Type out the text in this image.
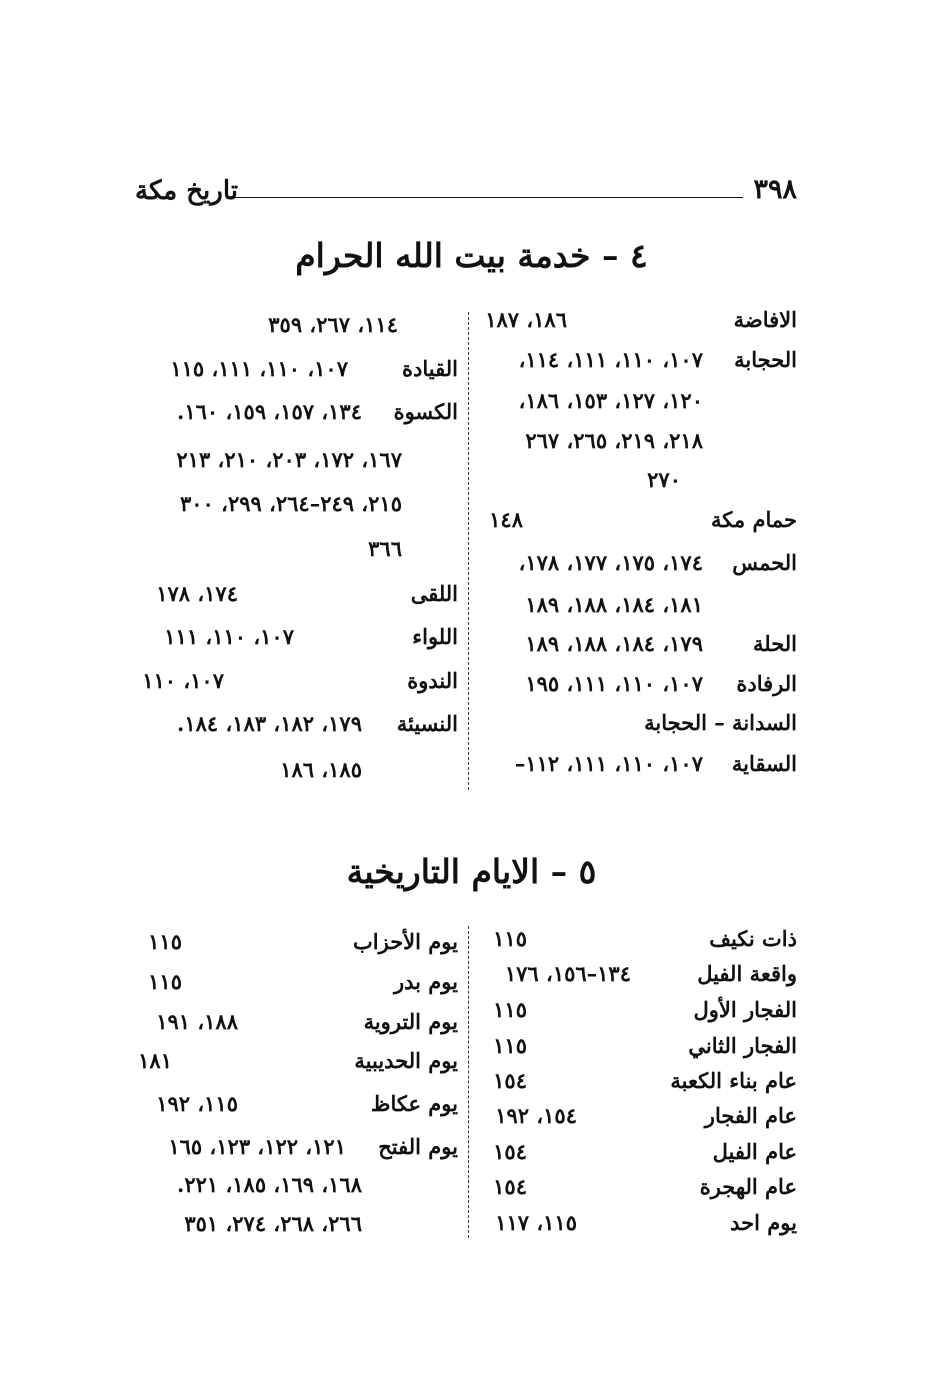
تاريخ مكة	٣٩٨
٤ – خدمة بيت الله الحرام
الافاضة
١٨٦، ١٨٧
الحجابة
١٠٧، ١١٠، ١١١، ١١٤،
١٢٠، ١٢٧، ١٥٣، ١٨٦،
٢١٨، ٢١٩، ٢٦٥، ٢٦٧
٢٧٠
حمام مكة
١٤٨
الحمس
١٧٤، ١٧٥، ١٧٧، ١٧٨،
١٨١، ١٨٤، ١٨٨، ١٨٩
الحلة
١٧٩، ١٨٤، ١٨٨، ١٨٩
الرفادة
١٠٧، ١١٠، ١١١، ١٩٥
السدانة – الحجابة
السقاية
١٠٧، ١١٠، ١١١، ١١٢–
١١٤، ٢٦٧، ٣٥٩
القيادة
١٠٧، ١١٠، ١١١، ١١٥
الكسوة
١٣٤، ١٥٧، ١٥٩، ١٦٠.
١٦٧، ١٧٢، ٢٠٣، ٢١٠، ٢١٣
٢١٥، ٢٤٩–٢٦٤، ٢٩٩، ٣٠٠
٣٦٦
اللقى
١٧٤، ١٧٨
اللواء
١٠٧، ١١٠، ١١١
الندوة
١٠٧، ١١٠
النسيئة
١٧٩، ١٨٢، ١٨٣، ١٨٤.
١٨٥، ١٨٦
٥ – الايام التاريخية
ذات نكيف
١١٥
واقعة الفيل
١٣٤–١٥٦، ١٧٦
الفجار الأول
١١٥
الفجار الثاني
١١٥
عام بناء الكعبة
١٥٤
عام الفجار
١٥٤، ١٩٢
عام الفيل
١٥٤
عام الهجرة
١٥٤
يوم احد
١١٥، ١١٧
يوم الأحزاب
١١٥
يوم بدر
١١٥
يوم التروية
١٨٨، ١٩١
يوم الحديبية
١٨١
يوم عكاظ
١١٥، ١٩٢
يوم الفتح
١٢١، ١٢٢، ١٢٣، ١٦٥
١٦٨، ١٦٩، ١٨٥، ٢٢١.
٢٦٦، ٢٦٨، ٢٧٤، ٣٥١
